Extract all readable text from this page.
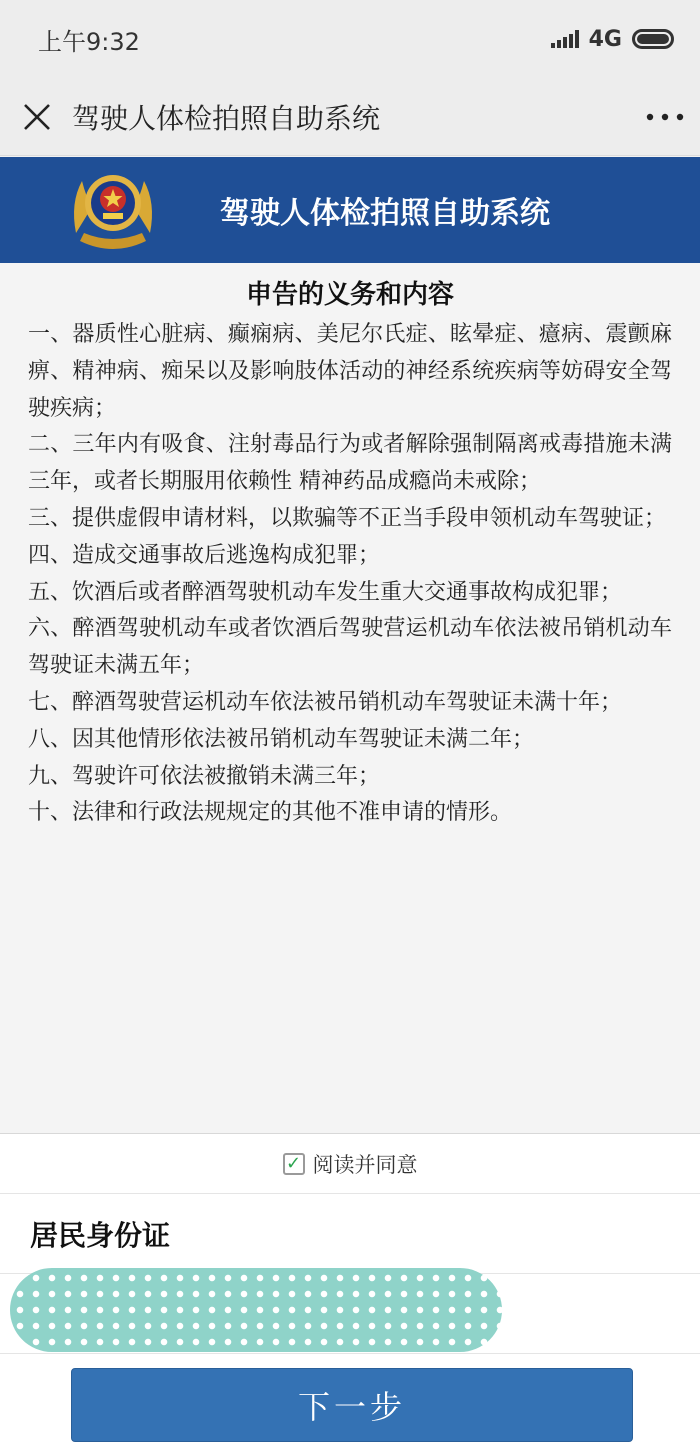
上午9:32	4G
驾驶人体检拍照自助系统
驾驶人体检拍照自助系统
申告的义务和内容
一、器质性心脏病、癫痫病、美尼尔氏症、眩晕症、癔病、震颤麻痹、精神病、痴呆以及影响肢体活动的神经系统疾病等妨碍安全驾驶疾病；
二、三年内有吸食、注射毒品行为或者解除强制隔离戒毒措施未满三年，或者长期服用依赖性 精神药品成瘾尚未戒除；
三、提供虚假申请材料，以欺骗等不正当手段申领机动车驾驶证；
四、造成交通事故后逃逸构成犯罪；
五、饮酒后或者醉酒驾驶机动车发生重大交通事故构成犯罪；
六、醉酒驾驶机动车或者饮酒后驾驶营运机动车依法被吊销机动车驾驶证未满五年；
七、醉酒驾驶营运机动车依法被吊销机动车驾驶证未满十年；
八、因其他情形依法被吊销机动车驾驶证未满二年；
九、驾驶许可依法被撤销未满三年；
十、法律和行政法规规定的其他不准申请的情形。
✓ 阅读并同意
居民身份证
下一步
